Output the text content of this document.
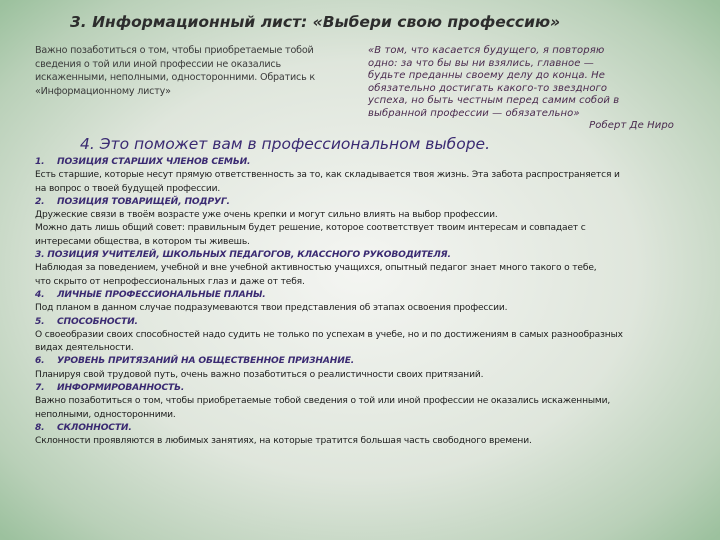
3. Информационный лист: «Выбери свою профессию»
Важно позаботиться о том, чтобы приобретаемые тобой
сведения о той или иной профессии не оказались
искаженными, неполными, односторонними. Обратись к
«Информационному листу»
«В том, что касается будущего, я повторяю
одно: за что бы вы ни взялись, главное —
будьте преданны своему делу до конца. Не
обязательно достигать какого-то звездного
успеха, но быть честным перед самим собой в
выбранной профессии — обязательно»
Роберт Де Ниро
4. Это поможет вам в профессиональном выборе.
1. ПОЗИЦИЯ СТАРШИХ ЧЛЕНОВ СЕМЬИ.
Есть старшие, которые несут прямую ответственность за то, как складывается твоя жизнь. Эта забота распространяется и
на вопрос о твоей будущей профессии.
2. ПОЗИЦИЯ ТОВАРИЩЕЙ, ПОДРУГ.
Дружеские связи в твоём возрасте уже очень крепки и могут сильно влиять на выбор профессии.
Можно дать лишь общий совет: правильным будет решение, которое соответствует твоим интересам и совпадает с
интересами общества, в котором ты живешь.
3. ПОЗИЦИЯ УЧИТЕЛЕЙ, ШКОЛЬНЫХ ПЕДАГОГОВ, КЛАССНОГО РУКОВОДИТЕЛЯ.
Наблюдая за поведением, учебной и вне учебной активностью учащихся, опытный педагог знает много такого о тебе,
что скрыто от непрофессиональных глаз и даже от тебя.
4. ЛИЧНЫЕ ПРОФЕССИОНАЛЬНЫЕ ПЛАНЫ.
Под планом в данном случае подразумеваются твои представления об этапах освоения профессии.
5. СПОСОБНОСТИ.
О своеобразии своих способностей надо судить не только по успехам в учебе, но и по достижениям в самых разнообразных
видах деятельности.
6. УРОВЕНЬ ПРИТЯЗАНИЙ НА ОБЩЕСТВЕННОЕ ПРИЗНАНИЕ.
Планируя свой трудовой путь, очень важно позаботиться о реалистичности своих притязаний.
7. ИНФОРМИРОВАННОСТЬ.
Важно позаботиться о том, чтобы приобретаемые тобой сведения о той или иной профессии не оказались искаженными,
неполными, односторонними.
8. СКЛОННОСТИ.
Склонности проявляются в любимых занятиях, на которые тратится большая часть свободного времени.
